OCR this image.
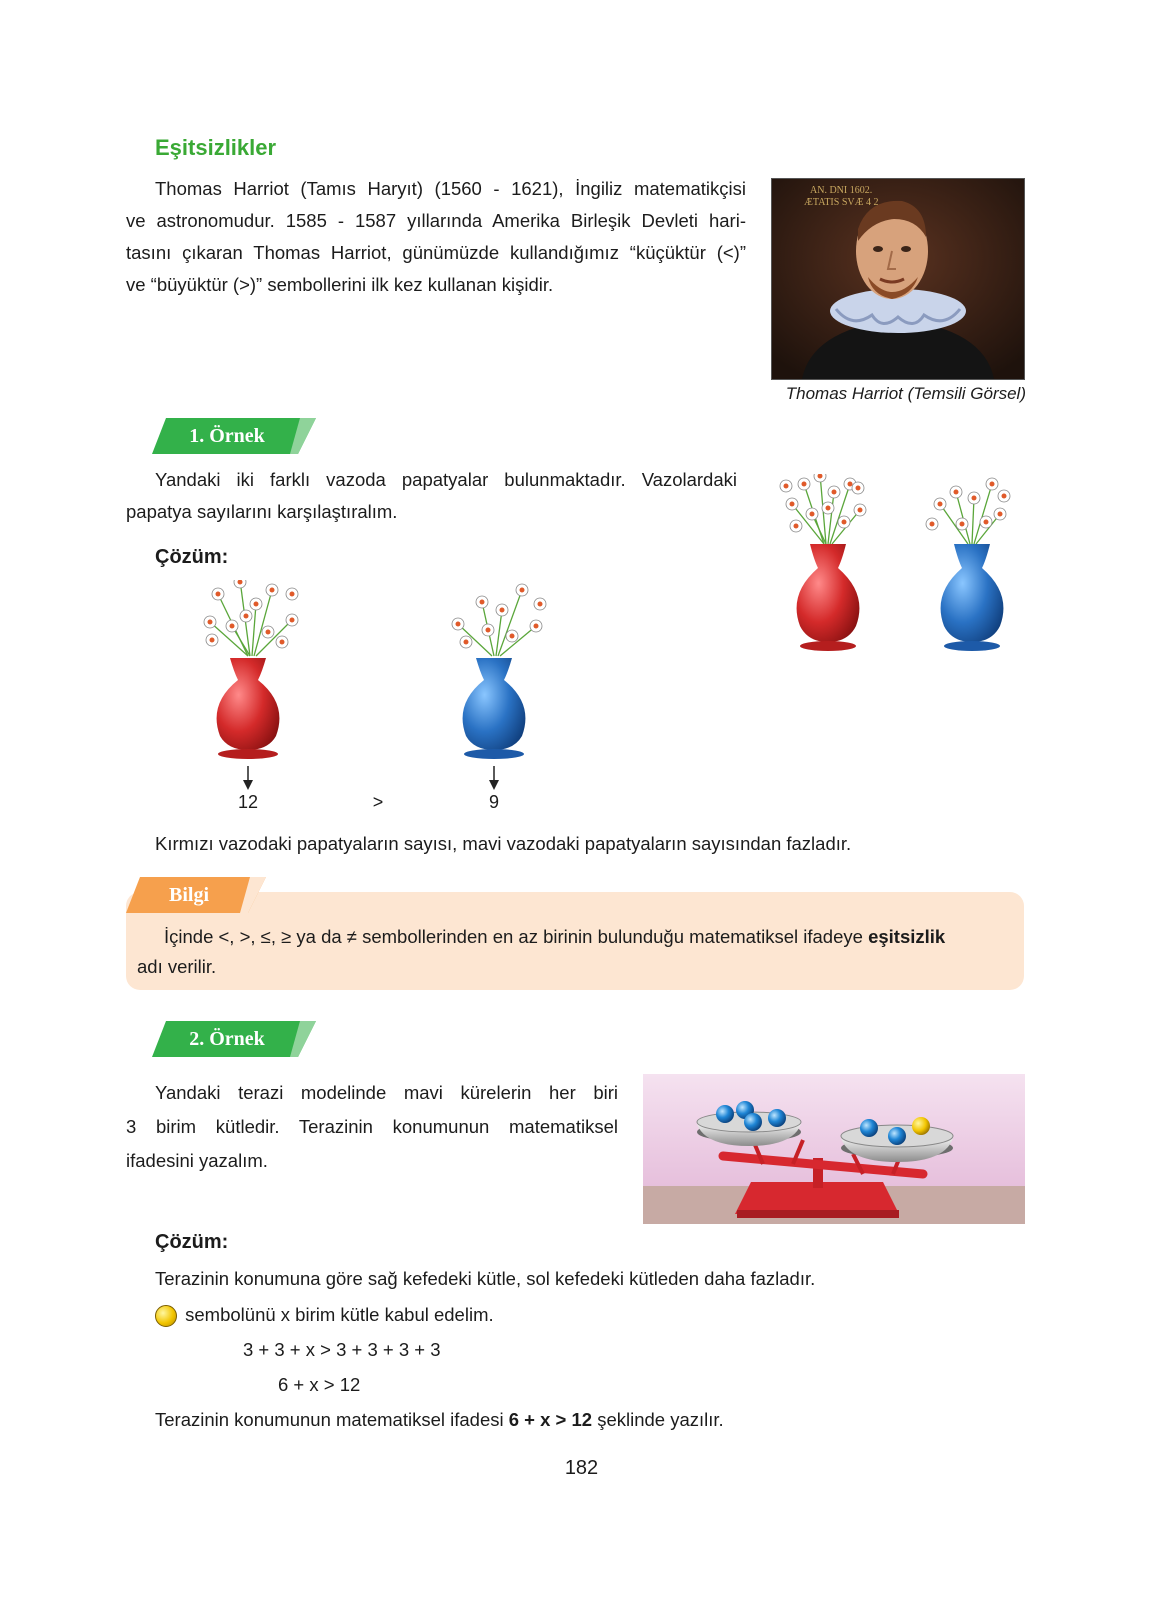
Eşitsizlikler
Thomas Harriot (Tamıs Haryıt) (1560 - 1621), İngiliz matematikçisi
ve astronomudur. 1585 - 1587 yıllarında Amerika Birleşik Devleti hari-
tasını çıkaran Thomas Harriot, günümüzde kullandığımız “küçüktür (<)”
ve “büyüktür (>)” sembollerini ilk kez kullanan kişidir.
AN. DNI 1602.
ÆTATIS SVÆ 4 2
Thomas Harriot (Temsili Görsel)
1. Örnek
Yandaki iki farklı vazoda papatyalar bulunmaktadır. Vazolardaki
papatya sayılarını karşılaştıralım.
Çözüm:
12	>	9
Kırmızı vazodaki papatyaların sayısı, mavi vazodaki papatyaların sayısından fazladır.
Bilgi
İçinde <, >, ≤, ≥ ya da ≠ sembollerinden en az birinin bulunduğu matematiksel ifadeye eşitsizlik
adı verilir.
2. Örnek
Yandaki terazi modelinde mavi kürelerin her biri
3 birim kütledir. Terazinin konumunun matematiksel
ifadesini yazalım.
Çözüm:
Terazinin konumuna göre sağ kefedeki kütle, sol kefedeki kütleden daha fazladır.
sembolünü x birim kütle kabul edelim.
3 + 3 + x > 3 + 3 + 3 + 3
6 + x > 12
Terazinin konumunun matematiksel ifadesi 6 + x > 12 şeklinde yazılır.
182
